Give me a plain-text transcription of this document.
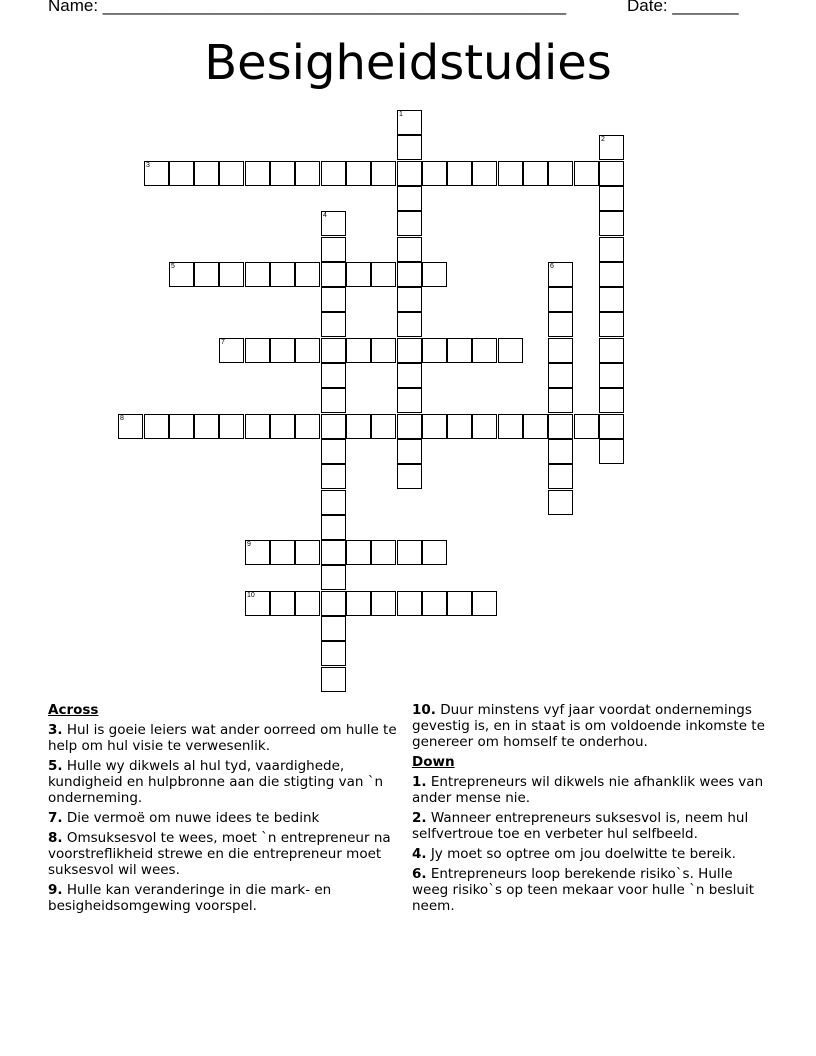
Name: _________________________________________________	Date: _______
Besigheidstudies
1
2
3
4
5	6
7
8
9
10
Across
3. Hul is goeie leiers wat ander oorreed om hulle te help om hul visie te verwesenlik.
5. Hulle wy dikwels al hul tyd, vaardighede, kundigheid en hulpbronne aan die stigting van `n onderneming.
7. Die vermoë om nuwe idees te bedink
8. Omsuksesvol te wees, moet `n entrepreneur na voorstreflikheid strewe en die entrepreneur moet suksesvol wil wees.
9. Hulle kan veranderinge in die mark- en besigheidsomgewing voorspel.
10. Duur minstens vyf jaar voordat ondernemings gevestig is, en in staat is om voldoende inkomste te genereer om homself te onderhou.
Down
1. Entrepreneurs wil dikwels nie afhanklik wees van ander mense nie.
2. Wanneer entrepreneurs suksesvol is, neem hul selfvertroue toe en verbeter hul selfbeeld.
4. Jy moet so optree om jou doelwitte te bereik.
6. Entrepreneurs loop berekende risiko`s. Hulle weeg risiko`s op teen mekaar voor hulle `n besluit neem.
